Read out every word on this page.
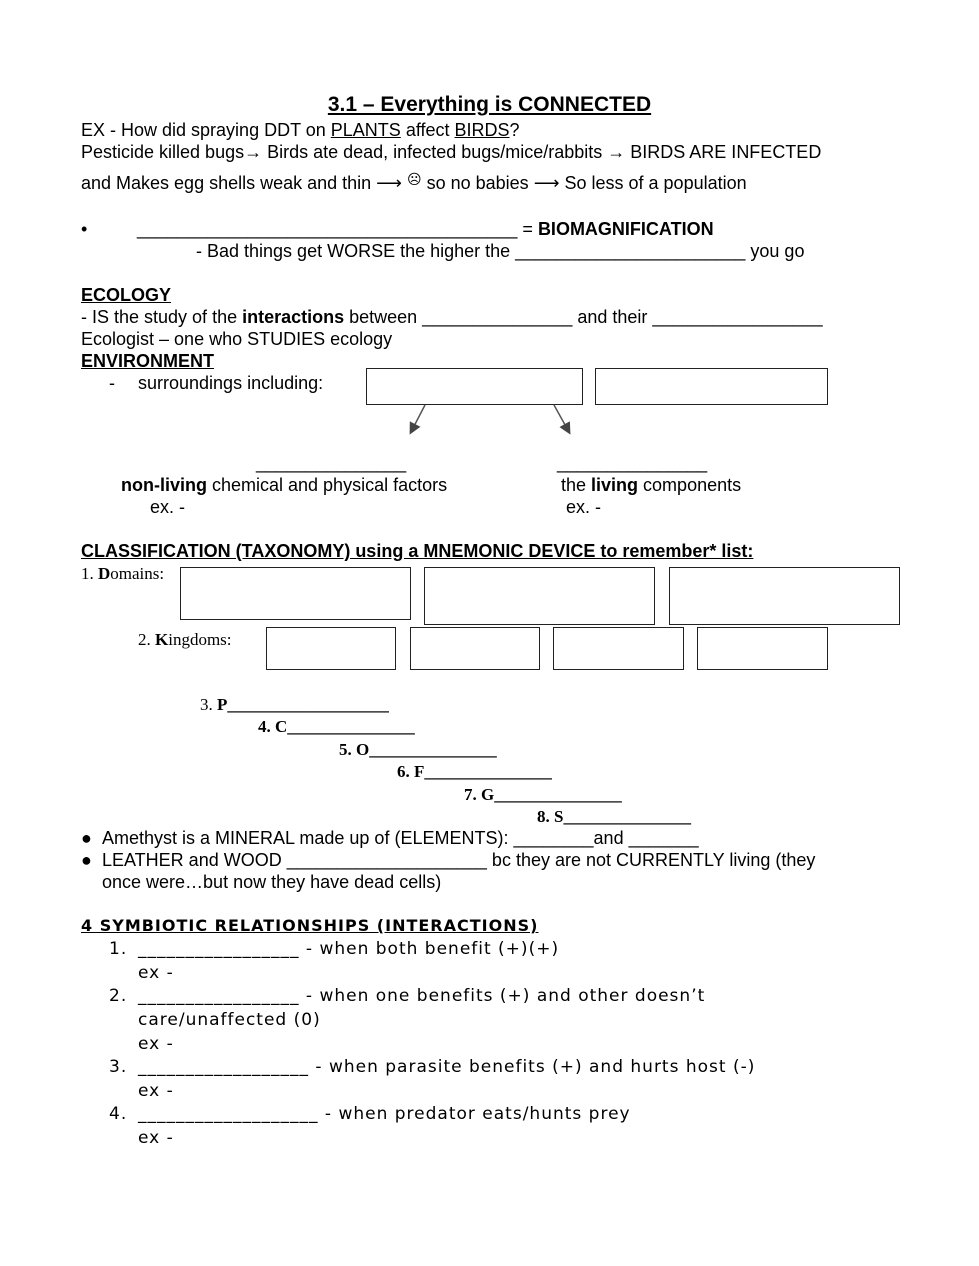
3.1 – Everything is CONNECTED
EX - How did spraying DDT on PLANTS affect BIRDS?
Pesticide killed bugs→ Birds ate dead, infected bugs/mice/rabbits → BIRDS ARE INFECTED
and Makes egg shells weak and thin ⟶ ☹ so no babies ⟶ So less of a population
•	______________________________________ = BIOMAGNIFICATION
- Bad things get WORSE the higher the _______________________ you go
ECOLOGY
- IS the study of the interactions between _______________ and their _________________
Ecologist – one who STUDIES ecology
ENVIRONMENT
- surroundings including:
_______________	_______________
non-living chemical and physical factors	the living components
ex. -	ex. -
CLASSIFICATION (TAXONOMY) using a MNEMONIC DEVICE to remember* list:
1. Domains:
2. Kingdoms:
3. P___________________
4. C_______________
5. O_______________
6. F_______________
7. G_______________
8. S_______________
● Amethyst is a MINERAL made up of (ELEMENTS): ________and _______
● LEATHER and WOOD ____________________ bc they are not CURRENTLY living (they
once were…but now they have dead cells)
4 SYMBIOTIC RELATIONSHIPS (INTERACTIONS)
1. _________________ - when both benefit (+)(+)
ex -
2. _________________ - when one benefits (+) and other doesn’t
care/unaffected (0)
ex -
3. __________________ - when parasite benefits (+) and hurts host (-)
ex -
4. ___________________ - when predator eats/hunts prey
ex -
